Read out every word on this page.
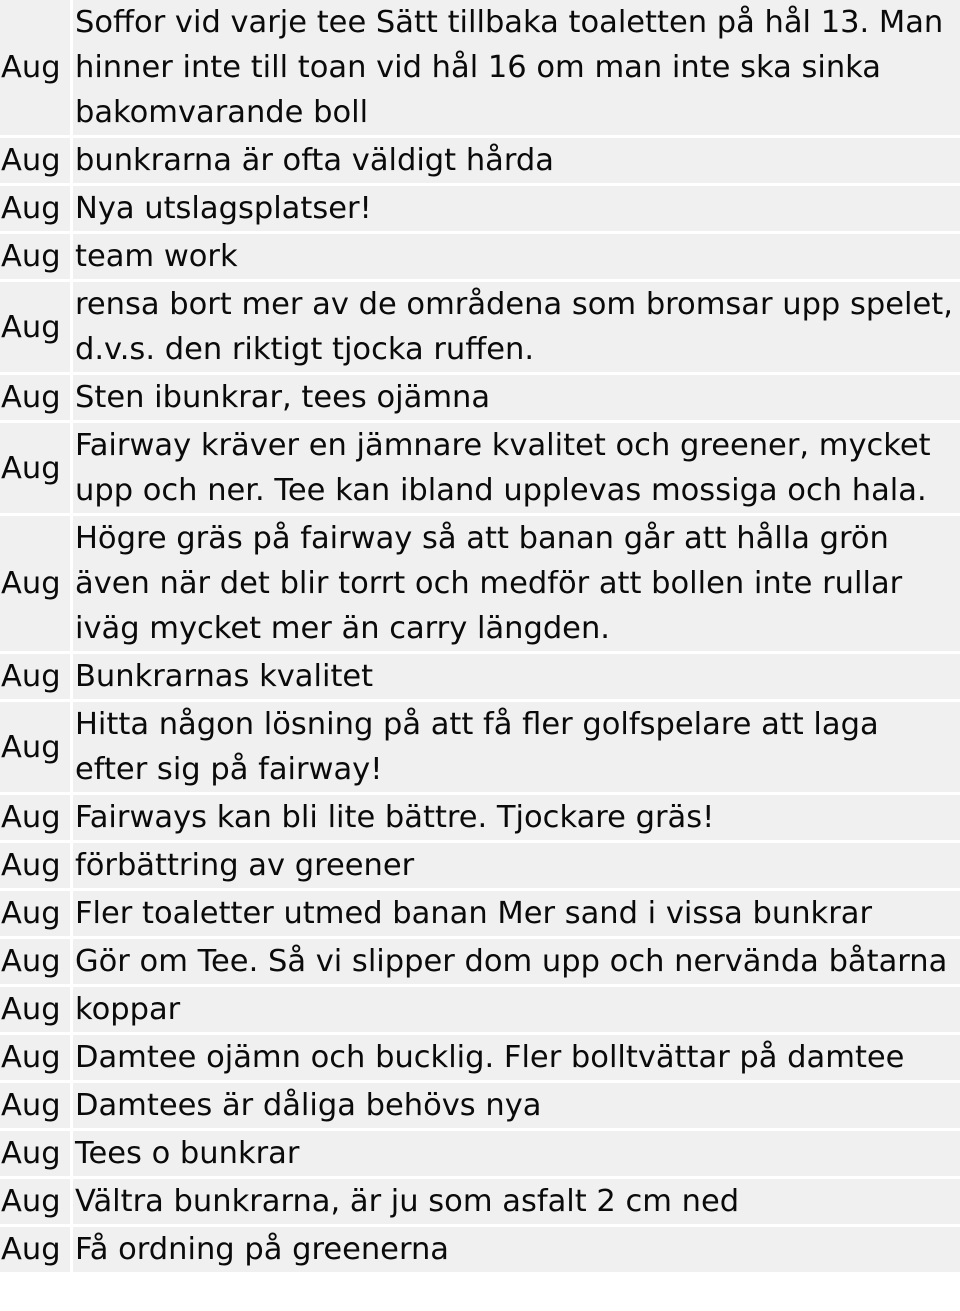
Aug	Soffor vid varje tee Sätt tillbaka toaletten på hål 13. Man hinner inte till toan vid hål 16 om man inte ska sinka bakomvarande boll
Aug	bunkrarna är ofta väldigt hårda
Aug	Nya utslagsplatser!
Aug	team work
Aug	rensa bort mer av de områdena som bromsar upp spelet, d.v.s. den riktigt tjocka ruffen.
Aug	Sten ibunkrar, tees ojämna
Aug	Fairway kräver en jämnare kvalitet och greener, mycket upp och ner. Tee kan ibland upplevas mossiga och hala.
Aug	Högre gräs på fairway så att banan går att hålla grön även när det blir torrt och medför att bollen inte rullar iväg mycket mer än carry längden.
Aug	Bunkrarnas kvalitet
Aug	Hitta någon lösning på att få fler golfspelare att laga efter sig på fairway!
Aug	Fairways kan bli lite bättre. Tjockare gräs!
Aug	förbättring av greener
Aug	Fler toaletter utmed banan Mer sand i vissa bunkrar
Aug	Gör om Tee. Så vi slipper dom upp och nervända båtarna
Aug	koppar
Aug	Damtee ojämn och bucklig. Fler bolltvättar på damtee
Aug	Damtees är dåliga behövs nya
Aug	Tees o bunkrar
Aug	Vältra bunkrarna, är ju som asfalt 2 cm ned
Aug	Få ordning på greenerna
